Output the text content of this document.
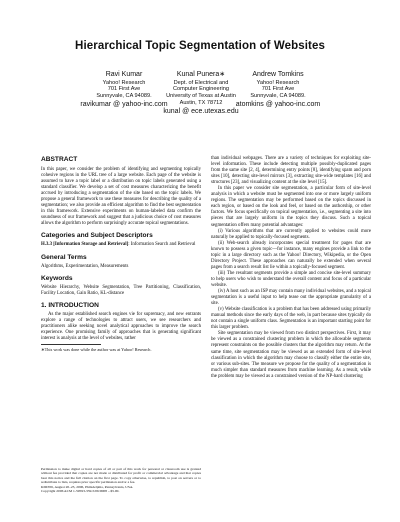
Hierarchical Topic Segmentation of Websites
Ravi Kumar
Yahoo! Research
701 First Ave
Sunnyvale, CA 94089.
ravikumar @ yahoo-inc.com
Kunal Punera∗
Dept. of Electrical and
Computer Engineering
University of Texas at Austin
Austin, TX 78712
kunal @ ece.utexas.edu
Andrew Tomkins
Yahoo! Research
701 First Ave
Sunnyvale, CA 94089.
atomkins @ yahoo-inc.com
ABSTRACT

In this paper, we consider the problem of identifying and segmenting topically cohesive regions in the URL tree of a large website. Each page of the website is assumed to have a topic label or a distribution on topic labels generated using a standard classifier. We develop a set of cost measures characterizing the benefit accrued by introducing a segmentation of the site based on the topic labels. We propose a general framework to use these measures for describing the quality of a segmentation; we also provide an efficient algorithm to find the best segmentation in this framework. Extensive experiments on human-labeled data confirm the soundness of our framework and suggest that a judicious choice of cost measures allows the algorithm to perform surprisingly accurate topical segmentations.

Categories and Subject Descriptors

H.3.3 [Information Storage and Retrieval]: Information Search and Retrieval

General Terms

Algorithms, Experimentation, Measurements

Keywords

Website Hierarchy, Website Segmentation, Tree Partitioning, Classification, Facility Location, Gain Ratio, KL-distance

1. INTRODUCTION

As the major established search engines vie for supremacy, and new entrants explore a range of technologies to attract users, we see researchers and practitioners alike seeking novel analytical approaches to improve the search experience. One promising family of approaches that is generating significant interest is analysis at the level of websites, rather

∗This work was done while the author was at Yahoo! Research.

Permission to make digital or hard copies of all or part of this work for personal or classroom use is granted without fee provided that copies are not made or distributed for profit or commercial advantage and that copies bear this notice and the full citation on the first page. To copy otherwise, to republish, to post on servers or to redistribute to lists, requires prior specific permission and/or a fee.
KDD'06, August 20–23, 2006, Philadelphia, Pennsylvania, USA.
Copyright 2006 ACM 1-59593-339-5/06/0008 ...$5.00.

than individual webpages. There are a variety of techniques for exploiting site-level information. These include detecting multiple possibly-duplicated pages from the same site [2, 4], determining entry points [8], identifying spam and porn sites [10], detecting site-level mirrors [3], extracting site-wide templates [16] and structures [23], and visualizing content at the site level [15].

In this paper we consider site segmentation, a particular form of site-level analysis in which a website must be segmented into one or more largely uniform regions. The segmentation may be performed based on the topics discussed in each region, or based on the look and feel, or based on the authorship, or other factors. We focus specifically on topical segmentation, i.e., segmenting a site into pieces that are largely uniform in the topics they discuss. Such a topical segmentation offers many potential advantages:

(i) Various algorithms that are currently applied to websites could more naturally be applied to topically-focused segments.

(ii) Web-search already incorporates special treatment for pages that are known to possess a given topic—for instance, many engines provide a link to the topic in a large directory such as the Yahoo! Directory, Wikipedia, or the Open Directory Project. These approaches can naturally be extended when several pages from a search result list lie within a topically-focused segment.

(iii) The resultant segments provide a simple and concise site-level summary to help users who wish to understand the overall content and focus of a particular website.

(iv) A host such as an ISP may contain many individual websites, and a topical segmentation is a useful input to help tease out the appropriate granularity of a site.

(v) Website classification is a problem that has been addressed using primarily manual methods since the early days of the web, in part because sites typically do not contain a single uniform class. Segmentation is an important starting point for this larger problem.

Site segmentation may be viewed from two distinct perspectives. First, it may be viewed as a constrained clustering problem in which the allowable segments represent constraints on the possible clusters that the algorithm may return. At the same time, site segmentation may be viewed as an extended form of site-level classification in which the algorithm may choose to classify either the entire site, or various sub-sites. The measure we propose for the quality of a segmentation is much simpler than standard measures from machine learning. As a result, while the problem may be viewed as a constrained version of the NP-hard clustering
